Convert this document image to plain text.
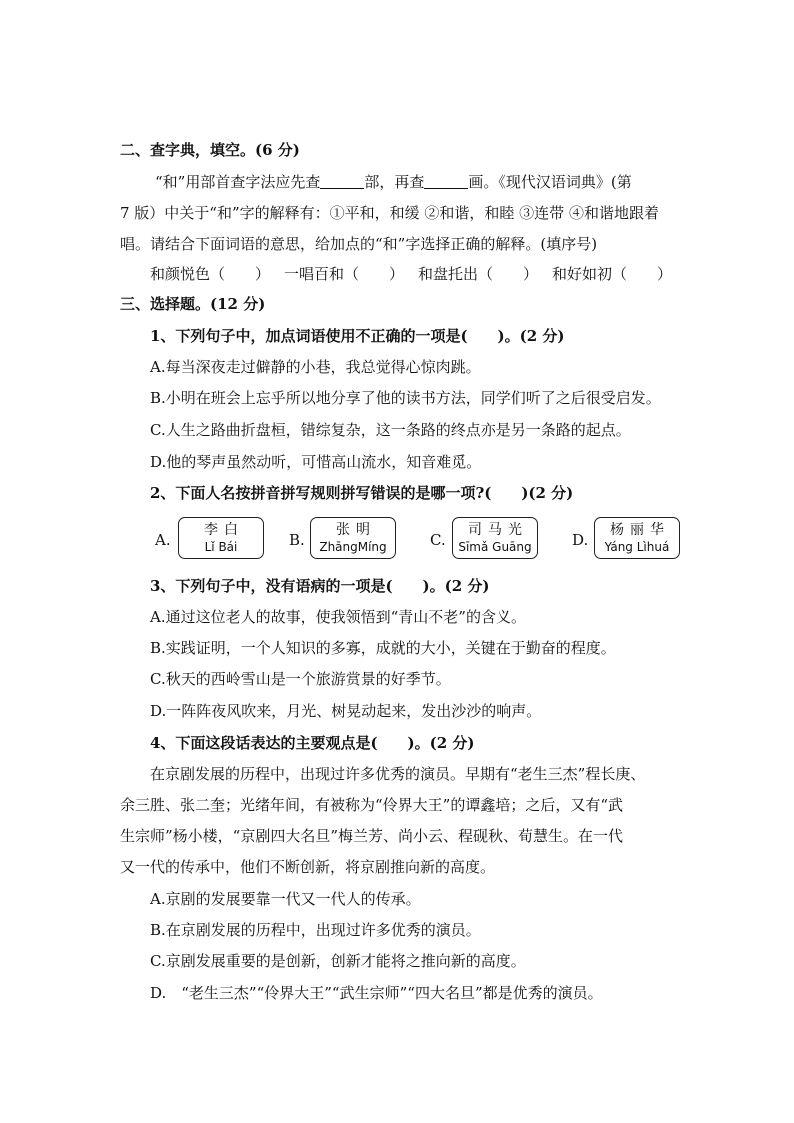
二、查字典，填空。(6 分)
“和”用部首查字法应先查	部，再查	画。《现代汉语词典》(第
7 版）中关于“和”字的解释有：①平和，和缓 ②和谐，和睦 ③连带 ④和谐地跟着
唱。请结合下面词语的意思，给加点的“和”字选择正确的解释。(填序号)
和颜悦色（　　） 一唱百和（　　） 和盘托出（　　） 和好如初（　　）
三、选择题。(12 分)
1、下列句子中，加点词语使用不正确的一项是(　　)。(2 分)
A.每当深夜走过僻静的小巷，我总觉得心惊肉跳。
B.小明在班会上忘乎所以地分享了他的读书方法，同学们听了之后很受启发。
C.人生之路曲折盘桓，错综复杂，这一条路的终点亦是另一条路的起点。
D.他的琴声虽然动听，可惜高山流水，知音难觅。
2、下面人名按拼音拼写规则拼写错误的是哪一项?(　　)(2 分)
A.
李白
Lǐ Bái	B.
张明
ZhāngMíng	C.
司马光
Sīmǎ Guāng	D.
杨丽华
Yáng Lìhuá
3、下列句子中，没有语病的一项是(　　)。(2 分)
A.通过这位老人的故事，使我领悟到“青山不老”的含义。
B.实践证明，一个人知识的多寡，成就的大小，关键在于勤奋的程度。
C.秋天的西岭雪山是一个旅游赏景的好季节。
D.一阵阵夜风吹来，月光、树晃动起来，发出沙沙的响声。
4、下面这段话表达的主要观点是(　　)。(2 分)
在京剧发展的历程中，出现过许多优秀的演员。早期有“老生三杰”程长庚、
余三胜、张二奎；光绪年间，有被称为“伶界大王”的谭鑫培；之后，又有“武
生宗师”杨小楼，“京剧四大名旦”梅兰芳、尚小云、程砚秋、荀慧生。在一代
又一代的传承中，他们不断创新，将京剧推向新的高度。
A.京剧的发展要靠一代又一代人的传承。
B.在京剧发展的历程中，出现过许多优秀的演员。
C.京剧发展重要的是创新，创新才能将之推向新的高度。
D.　“老生三杰”“伶界大王”“武生宗师”“四大名旦”都是优秀的演员。
